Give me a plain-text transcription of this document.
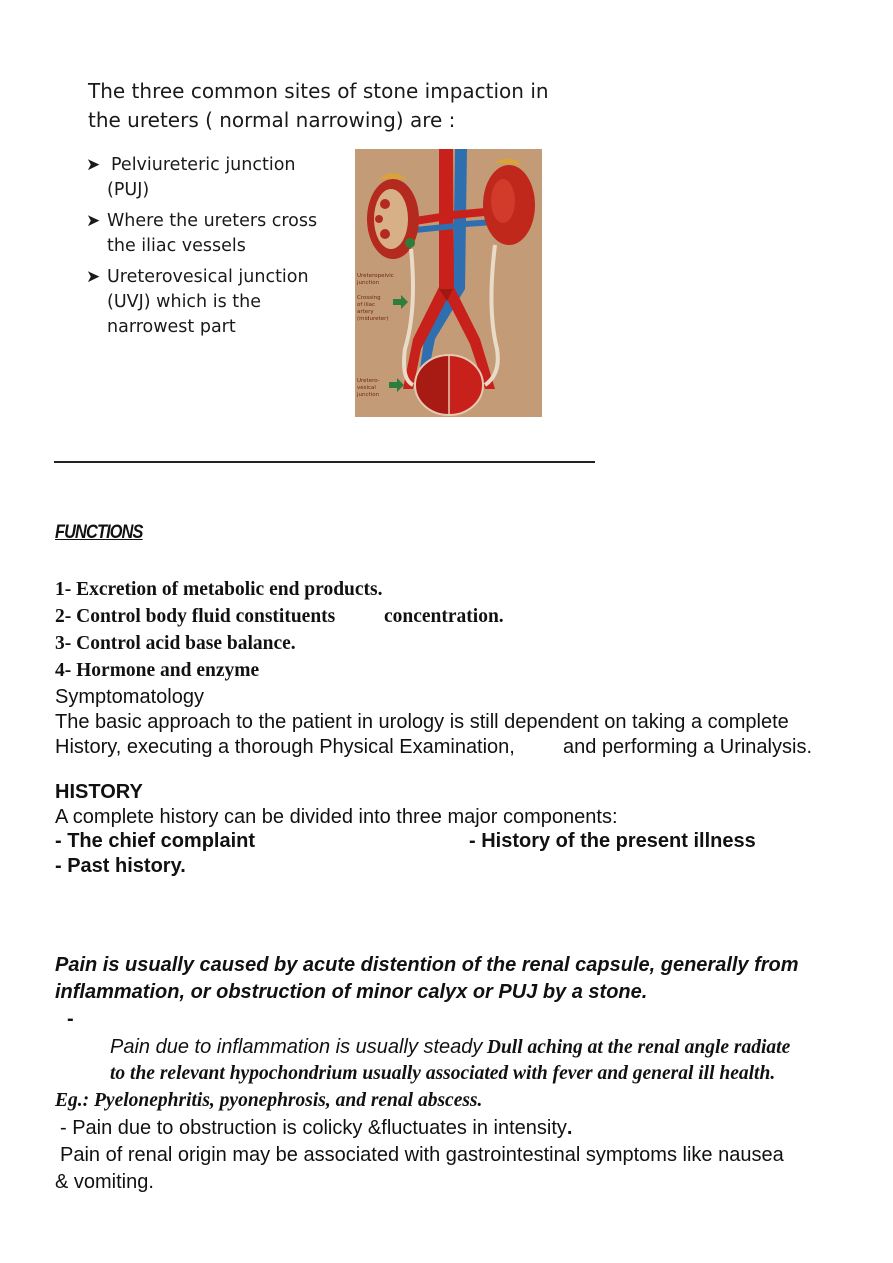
The three common sites of stone impaction in
the ureters ( normal narrowing) are :
➤ Pelviureteric junction
(PUJ)
➤ Where the ureters cross
the iliac vessels
➤ Ureterovesical junction
(UVJ) which is the
narrowest part
Ureteropelvic
junction
Crossing
of iliac
artery
(midureter)
Uretero-
vesical
junction
FUNCTIONS
1- Excretion of metabolic end products.
2- Control body fluid constituents concentration.
3- Control acid base balance.
4- Hormone and enzyme
Symptomatology
The basic approach to the patient in urology is still dependent on taking a complete
History, executing a thorough Physical Examination, and performing a Urinalysis.
HISTORY
A complete history can be divided into three major components:
- The chief complaint	- History of the present illness
- Past history.
Pain is usually caused by acute distention of the renal capsule, generally from
inflammation, or obstruction of minor calyx or PUJ by a stone.
-
Pain due to inflammation is usually steady Dull aching at the renal angle radiate
to the relevant hypochondrium usually associated with fever and general ill health.
Eg.: Pyelonephritis, pyonephrosis, and renal abscess.
- Pain due to obstruction is colicky &fluctuates in intensity.
Pain of renal origin may be associated with gastrointestinal symptoms like nausea
& vomiting.
